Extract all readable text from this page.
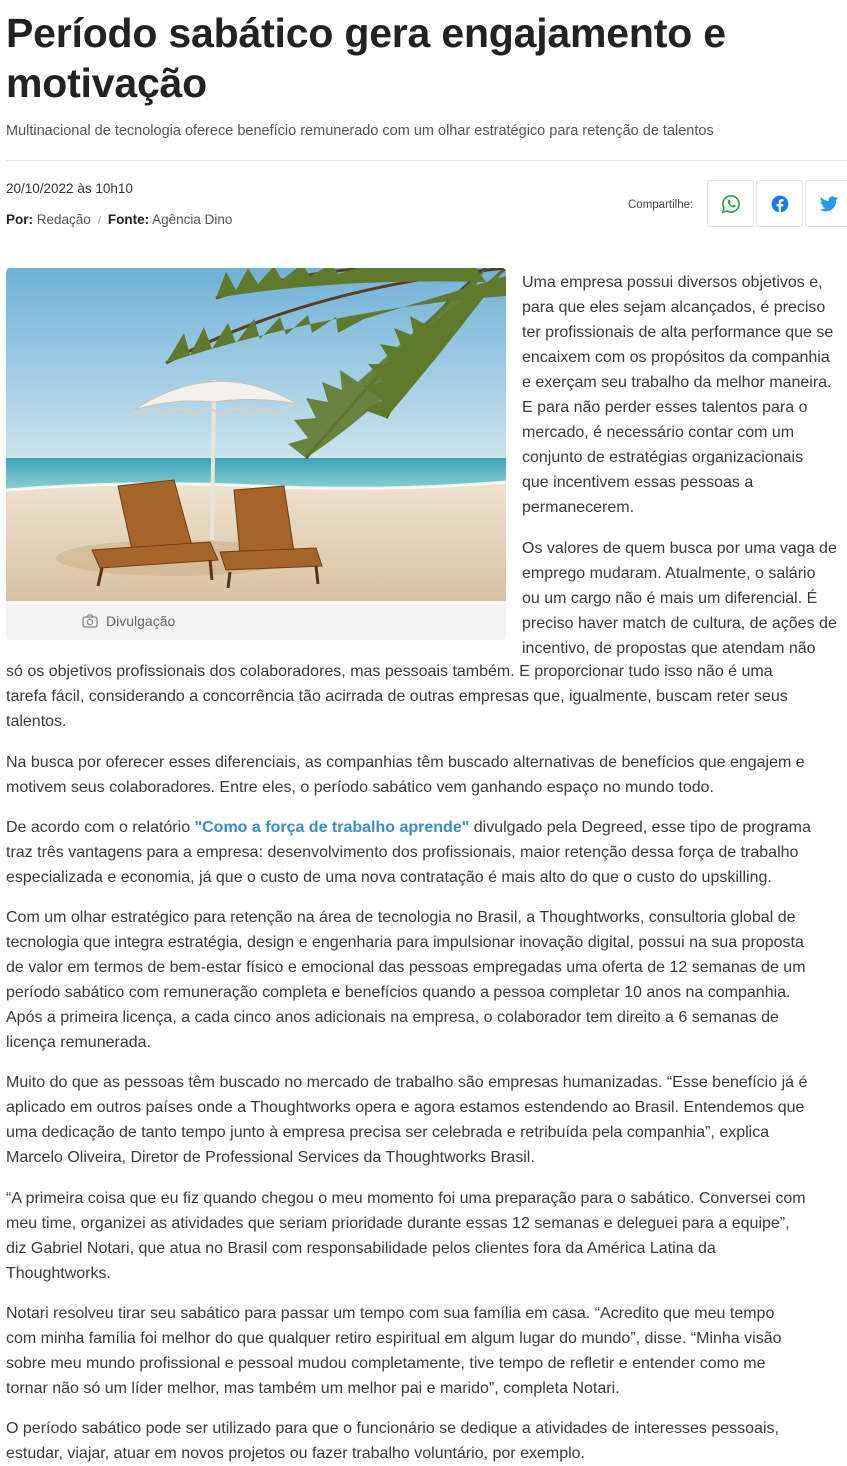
Período sabático gera engajamento e
motivação
Multinacional de tecnologia oferece benefício remunerado com um olhar estratégico para retenção de talentos
20/10/2022 às 10h10
Por: Redação / Fonte: Agência Dino
Compartilhe:
Divulgação
Uma empresa possui diversos objetivos e,
para que eles sejam alcançados, é preciso
ter profissionais de alta performance que se
encaixem com os propósitos da companhia
e exerçam seu trabalho da melhor maneira.
E para não perder esses talentos para o
mercado, é necessário contar com um
conjunto de estratégias organizacionais
que incentivem essas pessoas a
permanecerem.
Os valores de quem busca por uma vaga de
emprego mudaram. Atualmente, o salário
ou um cargo não é mais um diferencial. É
preciso haver match de cultura, de ações de
incentivo, de propostas que atendam não
só os objetivos profissionais dos colaboradores, mas pessoais também. E proporcionar tudo isso não é uma
tarefa fácil, considerando a concorrência tão acirrada de outras empresas que, igualmente, buscam reter seus
talentos.
Na busca por oferecer esses diferenciais, as companhias têm buscado alternativas de benefícios que engajem e
motivem seus colaboradores. Entre eles, o período sabático vem ganhando espaço no mundo todo.
De acordo com o relatório "Como a força de trabalho aprende" divulgado pela Degreed, esse tipo de programa
traz três vantagens para a empresa: desenvolvimento dos profissionais, maior retenção dessa força de trabalho
especializada e economia, já que o custo de uma nova contratação é mais alto do que o custo do upskilling.
Com um olhar estratégico para retenção na área de tecnologia no Brasil, a Thoughtworks, consultoria global de
tecnologia que integra estratégia, design e engenharia para impulsionar inovação digital, possui na sua proposta
de valor em termos de bem-estar físico e emocional das pessoas empregadas uma oferta de 12 semanas de um
período sabático com remuneração completa e benefícios quando a pessoa completar 10 anos na companhia.
Após a primeira licença, a cada cinco anos adicionais na empresa, o colaborador tem direito a 6 semanas de
licença remunerada.
Muito do que as pessoas têm buscado no mercado de trabalho são empresas humanizadas. “Esse benefício já é
aplicado em outros países onde a Thoughtworks opera e agora estamos estendendo ao Brasil. Entendemos que
uma dedicação de tanto tempo junto à empresa precisa ser celebrada e retribuída pela companhia”, explica
Marcelo Oliveira, Diretor de Professional Services da Thoughtworks Brasil.
“A primeira coisa que eu fiz quando chegou o meu momento foi uma preparação para o sabático. Conversei com
meu time, organizei as atividades que seriam prioridade durante essas 12 semanas e deleguei para a equipe”,
diz Gabriel Notari, que atua no Brasil com responsabilidade pelos clientes fora da América Latina da
Thoughtworks.
Notari resolveu tirar seu sabático para passar um tempo com sua família em casa. “Acredito que meu tempo
com minha família foi melhor do que qualquer retiro espiritual em algum lugar do mundo”, disse. “Minha visão
sobre meu mundo profissional e pessoal mudou completamente, tive tempo de refletir e entender como me
tornar não só um líder melhor, mas também um melhor pai e marido”, completa Notari.
O período sabático pode ser utilizado para que o funcionário se dedique a atividades de interesses pessoais,
estudar, viajar, atuar em novos projetos ou fazer trabalho voluntário, por exemplo.
